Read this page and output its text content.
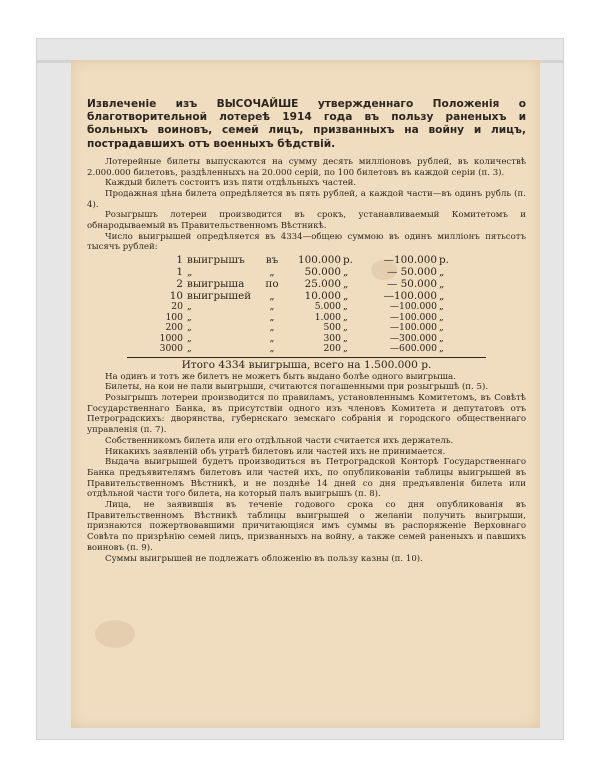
Извлеченіе изъ ВЫСОЧАЙШЕ утвержденнаго Положенія о благотворительной лотереѣ 1914 года въ пользу раненыхъ и больныхъ воиновъ, семей лицъ, призванныхъ на войну и лицъ, пострадавшихъ отъ военныхъ бѣдствій.

Лотерейные билеты выпускаются на сумму десять милліоновъ рублей, въ количествѣ 2.000.000 билетовъ, раздѣленныхъ на 20.000 серій, по 100 билетовъ въ каждой серіи (п. 3).

Каждый билетъ состоитъ изъ пяти отдѣльныхъ частей.

Продажная цѣна билета опредѣляется въ пять рублей, а каждой части—въ одинъ рубль (п. 4).

Розыгрышъ лотереи производится въ срокъ, устанавливаемый Комитетомъ и обнародываемый въ Правительственномъ Вѣстникѣ.

Число выигрышей опредѣляется въ 4334—общею суммою въ одинъ милліонъ пятьсотъ тысячъ рублей:

1	выигрышъ	въ	100.000	р.	—100.000	р.
1	„	„	50.000	„	— 50.000	„
2	выигрыша	по	25.000	„	— 50.000	„
10	выигрышей	„	10.000	„	—100.000	„
20	„	„	5.000	„	—100.000	„
100	„	„	1.000	„	—100.000	„
200	„	„	500	„	—100.000	„
1000	„	„	300	„	—300.000	„
3000	„	„	200	„	—600.000	„

Итого 4334 выигрыша, всего на 1.500.000 р.

На одинъ и тотъ же билетъ не можетъ быть выдано болѣе одного выигрыша.

Билеты, на кои не пали выигрыши, считаются погашенными при розыгрышѣ (п. 5).

Розыгрышъ лотереи производится по правиламъ, установленнымъ Комитетомъ, въ Совѣтѣ Государственнаго Банка, въ присутствіи одного изъ членовъ Комитета и депутатовъ отъ Петроградскихъ: дворянства, губернскаго земскаго собранія и городского общественнаго управленія (п. 7).

Собственникомъ билета или его отдѣльной части считается ихъ держатель.

Никакихъ заявленій объ утратѣ билетовъ или частей ихъ не принимается.

Выдача выигрышей будетъ производиться въ Петроградской Конторѣ Государственнаго Банка предъявителямъ билетовъ или частей ихъ, по опубликованіи таблицы выигрышей въ Правительственномъ Вѣстникѣ, и не позднѣе 14 дней со дня предъявленія билета или отдѣльной части того билета, на который палъ выигрышъ (п. 8).

Лица, не заявившія въ теченіе годового срока со дня опубликованія въ Правительственномъ Вѣстникѣ таблицы выигрышей о желаніи получить выигрыши, признаются пожертвовавшими причитающіяся имъ суммы въ распоряженіе Верховнаго Совѣта по призрѣнію семей лицъ, призванныхъ на войну, а также семей раненыхъ и павшихъ воиновъ (п. 9).

Суммы выигрышей не подлежатъ обложенію въ пользу казны (п. 10).
